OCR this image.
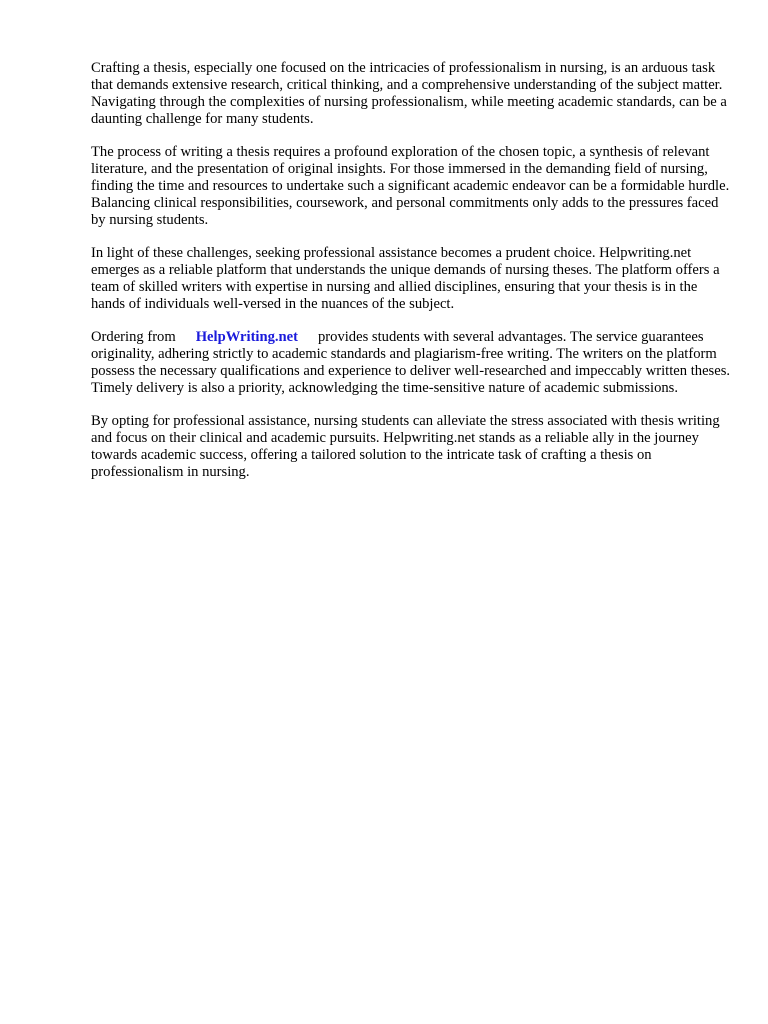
Crafting a thesis, especially one focused on the intricacies of professionalism in nursing, is an arduous task that demands extensive research, critical thinking, and a comprehensive understanding of the subject matter. Navigating through the complexities of nursing professionalism, while meeting academic standards, can be a daunting challenge for many students.

The process of writing a thesis requires a profound exploration of the chosen topic, a synthesis of relevant literature, and the presentation of original insights. For those immersed in the demanding field of nursing, finding the time and resources to undertake such a significant academic endeavor can be a formidable hurdle. Balancing clinical responsibilities, coursework, and personal commitments only adds to the pressures faced by nursing students.

In light of these challenges, seeking professional assistance becomes a prudent choice. Helpwriting.net emerges as a reliable platform that understands the unique demands of nursing theses. The platform offers a team of skilled writers with expertise in nursing and allied disciplines, ensuring that your thesis is in the hands of individuals well-versed in the nuances of the subject.

Ordering from HelpWriting.net provides students with several advantages. The service guarantees originality, adhering strictly to academic standards and plagiarism-free writing. The writers on the platform possess the necessary qualifications and experience to deliver well-researched and impeccably written theses. Timely delivery is also a priority, acknowledging the time-sensitive nature of academic submissions.

By opting for professional assistance, nursing students can alleviate the stress associated with thesis writing and focus on their clinical and academic pursuits. Helpwriting.net stands as a reliable ally in the journey towards academic success, offering a tailored solution to the intricate task of crafting a thesis on professionalism in nursing.
